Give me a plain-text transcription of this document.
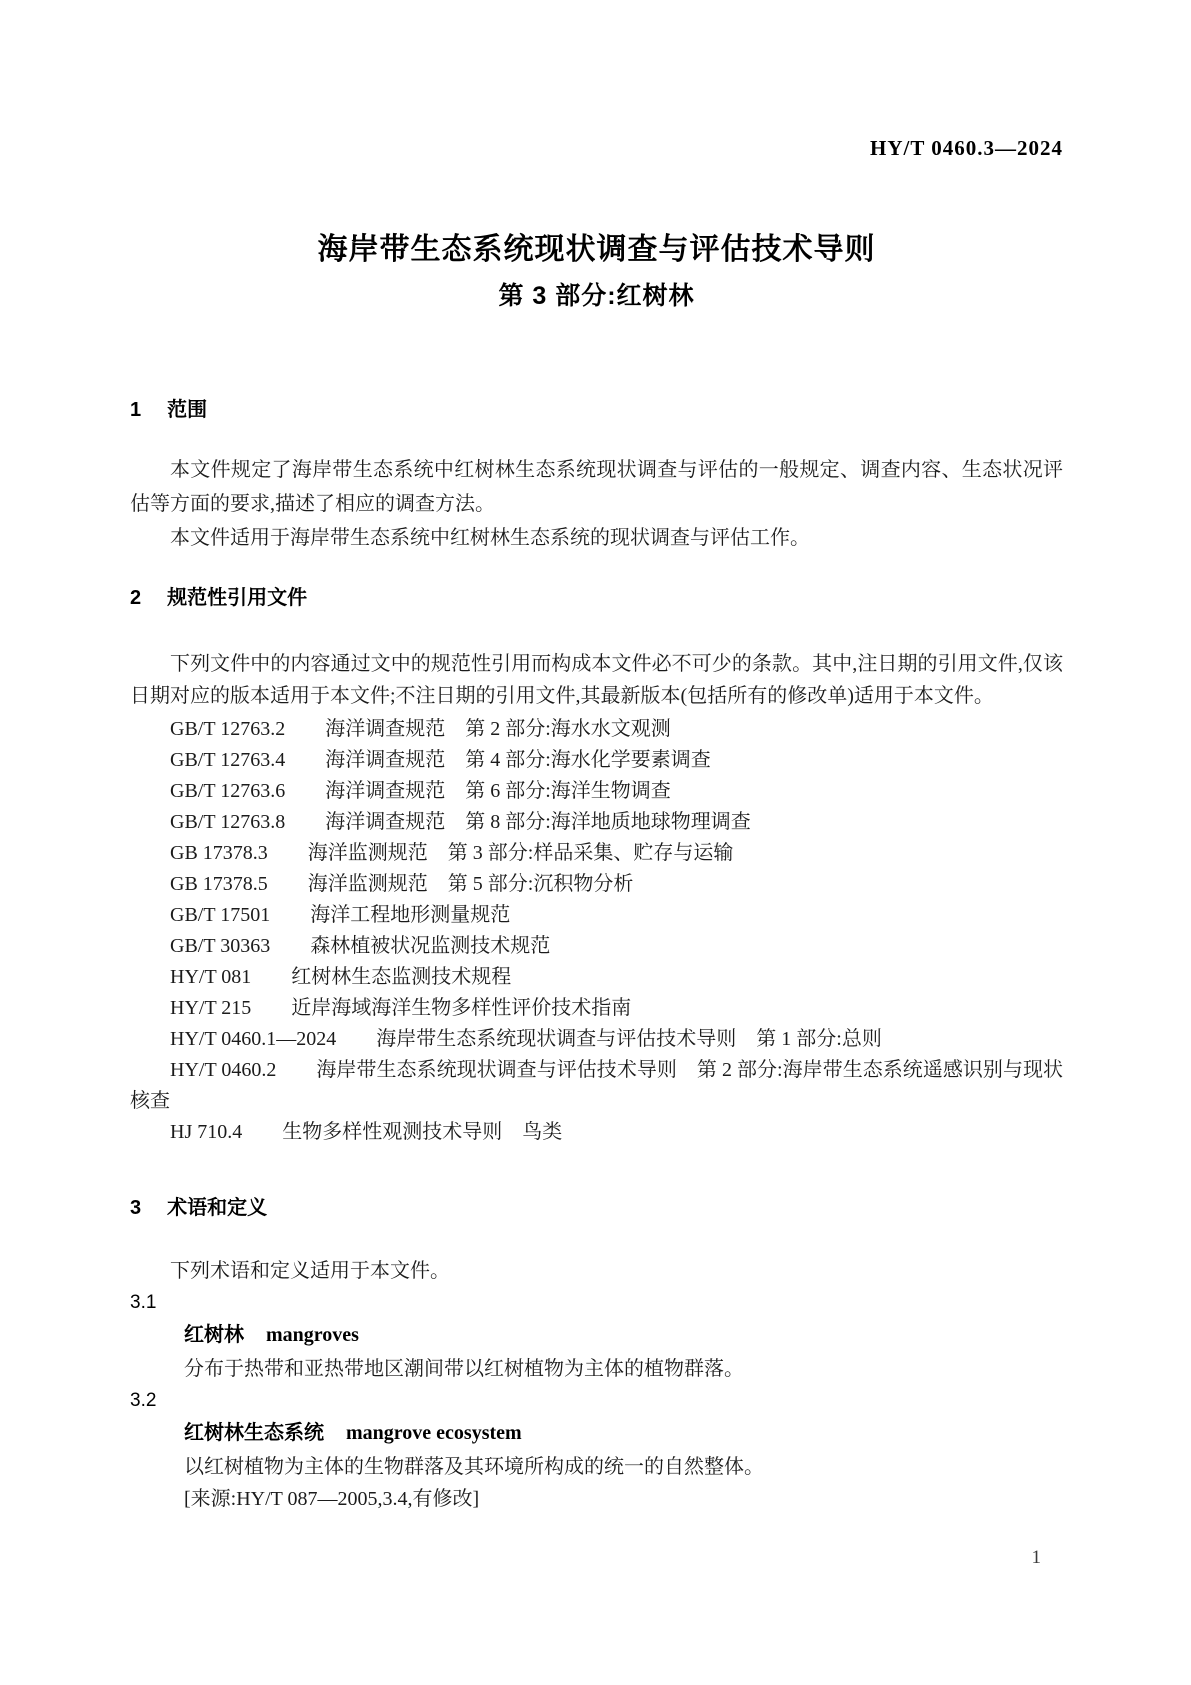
HY/T 0460.3—2024
海岸带生态系统现状调查与评估技术导则
第 3 部分:红树林
1 范围
本文件规定了海岸带生态系统中红树林生态系统现状调查与评估的一般规定、调查内容、生态状况评估等方面的要求,描述了相应的调查方法。
本文件适用于海岸带生态系统中红树林生态系统的现状调查与评估工作。
2 规范性引用文件
下列文件中的内容通过文中的规范性引用而构成本文件必不可少的条款。其中,注日期的引用文件,仅该日期对应的版本适用于本文件;不注日期的引用文件,其最新版本(包括所有的修改单)适用于本文件。
GB/T 12763.2　　海洋调查规范　第 2 部分:海水水文观测
GB/T 12763.4　　海洋调查规范　第 4 部分:海水化学要素调查
GB/T 12763.6　　海洋调查规范　第 6 部分:海洋生物调查
GB/T 12763.8　　海洋调查规范　第 8 部分:海洋地质地球物理调查
GB 17378.3　　海洋监测规范　第 3 部分:样品采集、贮存与运输
GB 17378.5　　海洋监测规范　第 5 部分:沉积物分析
GB/T 17501　　海洋工程地形测量规范
GB/T 30363　　森林植被状况监测技术规范
HY/T 081　　红树林生态监测技术规程
HY/T 215　　近岸海域海洋生物多样性评价技术指南
HY/T 0460.1—2024　　海岸带生态系统现状调查与评估技术导则　第 1 部分:总则
HY/T 0460.2　　海岸带生态系统现状调查与评估技术导则　第 2 部分:海岸带生态系统遥感识别与现状核查
HJ 710.4　　生物多样性观测技术导则　鸟类
3 术语和定义
下列术语和定义适用于本文件。
3.1
红树林 mangroves
分布于热带和亚热带地区潮间带以红树植物为主体的植物群落。
3.2
红树林生态系统 mangrove ecosystem
以红树植物为主体的生物群落及其环境所构成的统一的自然整体。
[来源:HY/T 087—2005,3.4,有修改]
1
